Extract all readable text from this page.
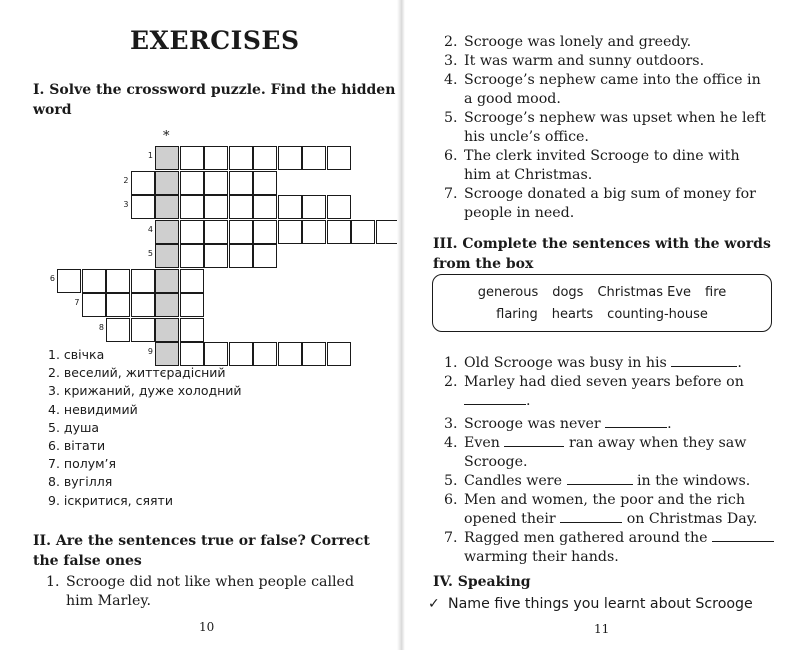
EXERCISES
I. Solve the crossword puzzle. Find the hidden
word
*
1
2
3
4
5
6
7
8
9
1. свічка
2. веселий, життєрадісний
3. крижаний, дуже холодний
4. невидимий
5. душа
6. вітати
7. полум’я
8. вугілля
9. іскритися, сяяти
II. Are the sentences true or false? Correct
the false ones
1. Scrooge did not like when people called
him Marley.
10
2. Scrooge was lonely and greedy.
3. It was warm and sunny outdoors.
4. Scrooge’s nephew came into the office in
a good mood.
5. Scrooge’s nephew was upset when he left
his uncle’s office.
6. The clerk invited Scrooge to dine with
him at Christmas.
7. Scrooge donated a big sum of money for
people in need.
III. Complete the sentences with the words
from the box
generous dogs Christmas Eve fire
flaring hearts counting-house
1. Old Scrooge was busy in his	.
2. Marley had died seven years before on
.
3. Scrooge was never	.
4. Even	ran away when they saw
Scrooge.
5. Candles were	in the windows.
6. Men and women, the poor and the rich
opened their	on Christmas Day.
7. Ragged men gathered around the
warming their hands.
IV. Speaking
✓ Name five things you learnt about Scrooge
11
